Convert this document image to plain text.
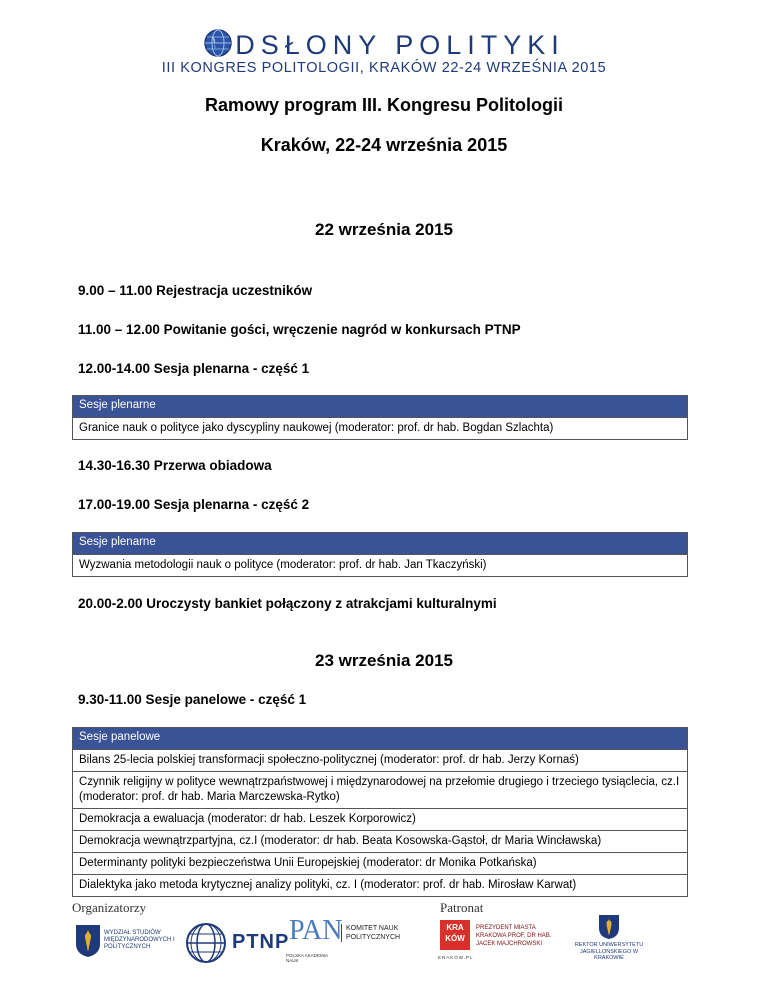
DSŁONY POLITYKI
III KONGRES POLITOLOGII, KRAKÓW 22-24 WRZEŚNIA 2015
Ramowy program III. Kongresu Politologii
Kraków, 22-24 września 2015
22 września 2015
9.00 – 11.00 Rejestracja uczestników
11.00 – 12.00 Powitanie gości, wręczenie nagród w konkursach PTNP
12.00-14.00 Sesja plenarna - część 1
Sesje plenarne
Granice nauk o polityce jako dyscypliny naukowej (moderator: prof. dr hab. Bogdan Szlachta)
14.30-16.30 Przerwa obiadowa
17.00-19.00 Sesja plenarna - część 2
Sesje plenarne
Wyzwania metodologii nauk o polityce (moderator: prof. dr hab. Jan Tkaczyński)
20.00-2.00 Uroczysty bankiet połączony z atrakcjami kulturalnymi
23 września 2015
9.30-11.00 Sesje panelowe - część 1
Sesje panelowe
Bilans 25-lecia polskiej transformacji społeczno-politycznej (moderator: prof. dr hab. Jerzy Kornaś)
Czynnik religijny w polityce wewnątrzpaństwowej i międzynarodowej na przełomie drugiego i trzeciego tysiąclecia, cz.I (moderator: prof. dr hab. Maria Marczewska-Rytko)
Demokracja a ewaluacja (moderator: dr hab. Leszek Korporowicz)
Demokracja wewnątrzpartyjna, cz.I (moderator: dr hab. Beata Kosowska-Gąstoł, dr Maria Wincławska)
Determinanty polityki bezpieczeństwa Unii Europejskiej (moderator: dr Monika Potkańska)
Dialektyka jako metoda krytycznej analizy polityki, cz. I (moderator: prof. dr hab. Mirosław Karwat)
Organizatorzy	Patronat
WYDZIAŁ STUDIÓW MIĘDZYNARODOWYCH I POLITYCZNYCH	PTNP PAN
POLSKA AKADEMIA NAUK
KOMITET NAUK POLITYCZNYCH
KRA KÓW
KRAKÓW.PL
PREZYDENT MIASTA KRAKOWA PROF. DR HAB. JACEK MAJCHROWSKI	REKTOR UNIWERSYTETU JAGIELLOŃSKIEGO W KRAKOWIE
